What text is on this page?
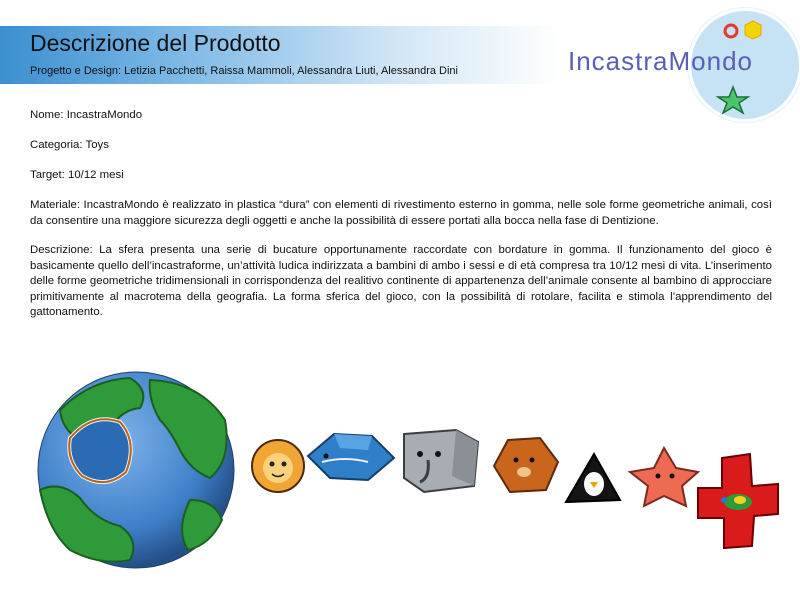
Descrizione del Prodotto
Progetto e Design: Letizia Pacchetti, Raissa Mammoli, Alessandra Liuti, Alessandra Dini	IncastraMondo
Nome: IncastraMondo
Categoria: Toys
Target: 10/12 mesi
Materiale: IncastraMondo è realizzato in plastica “dura” con elementi di rivestimento esterno in gomma, nelle sole forme geometriche animali, così da consentire una maggiore sicurezza degli oggetti e anche la possibilità di essere portati alla bocca nella fase di Dentizione.
Descrizione: La sfera presenta una serie di bucature opportunamente raccordate con bordature in gomma. Il funzionamento del gioco è basicamente quello dell’incastraforme, un’attività ludica indirizzata a bambini di ambo i sessi e di età compresa tra 10/12 mesi di vita. L’inserimento delle forme geometriche tridimensionali in corrispondenza del realitivo continente di appartenenza dell’animale consente al bambino di approcciare primitivamente al macrotema della geografia. La forma sferica del gioco, con la possibilità di rotolare, facilita e stimola l’apprendimento del gattonamento.
